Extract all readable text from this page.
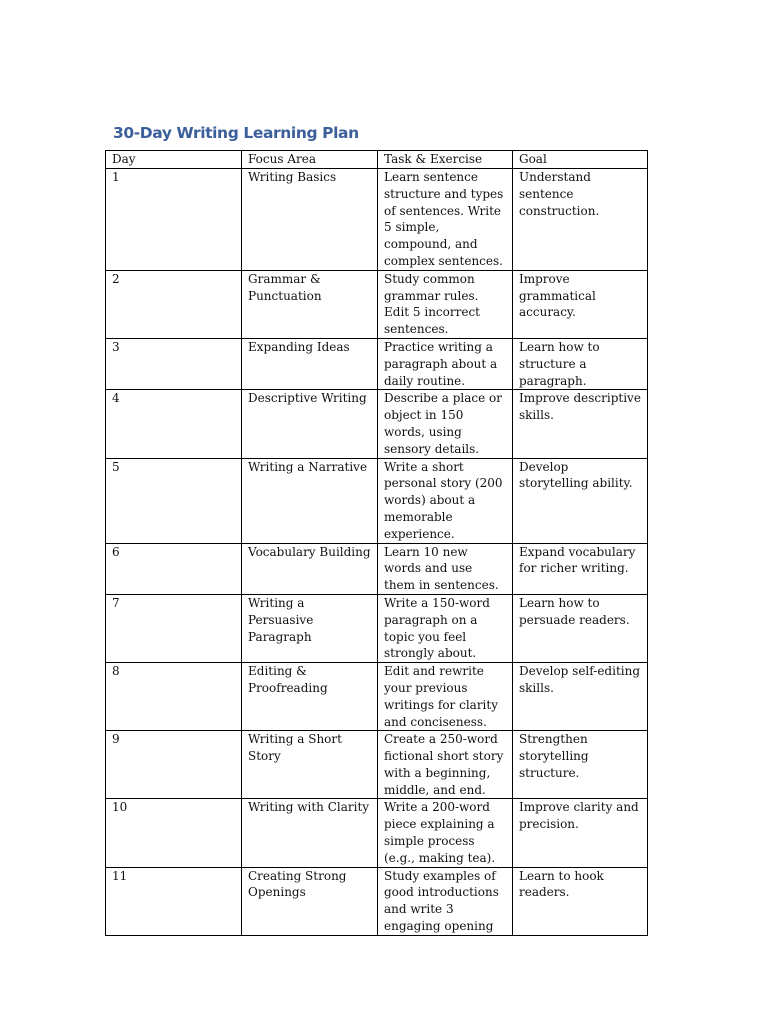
30-Day Writing Learning Plan
Day	Focus Area	Task & Exercise	Goal
1	Writing Basics	Learn sentence structure and types of sentences. Write 5 simple, compound, and complex sentences.	Understand sentence construction.
2	Grammar & Punctuation	Study common grammar rules. Edit 5 incorrect sentences.	Improve grammatical accuracy.
3	Expanding Ideas	Practice writing a paragraph about a daily routine.	Learn how to structure a paragraph.
4	Descriptive Writing	Describe a place or object in 150 words, using sensory details.	Improve descriptive skills.
5	Writing a Narrative	Write a short personal story (200 words) about a memorable experience.	Develop storytelling ability.
6	Vocabulary Building	Learn 10 new words and use them in sentences.	Expand vocabulary for richer writing.
7	Writing a Persuasive Paragraph	Write a 150-word paragraph on a topic you feel strongly about.	Learn how to persuade readers.
8	Editing & Proofreading	Edit and rewrite your previous writings for clarity and conciseness.	Develop self-editing skills.
9	Writing a Short Story	Create a 250-word fictional short story with a beginning, middle, and end.	Strengthen storytelling structure.
10	Writing with Clarity	Write a 200-word piece explaining a simple process (e.g., making tea).	Improve clarity and precision.
11	Creating Strong Openings	Study examples of good introductions and write 3 engaging opening	Learn to hook readers.
